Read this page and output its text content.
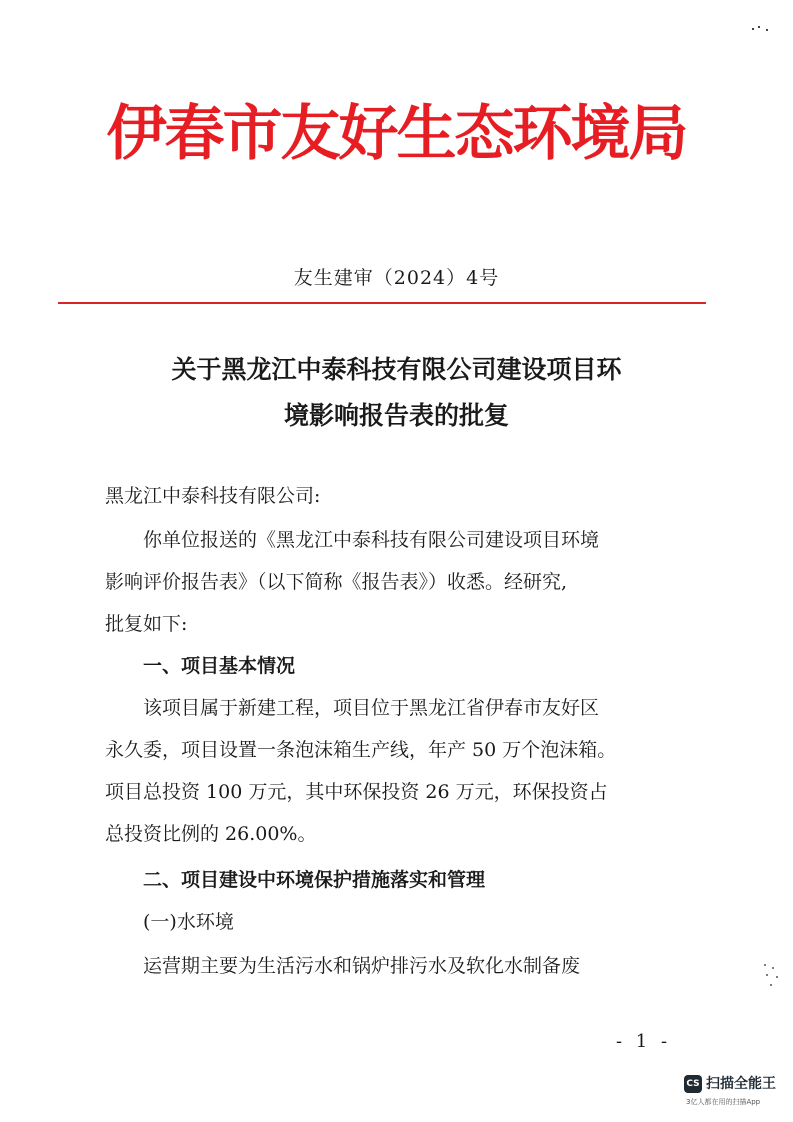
伊春市友好生态环境局
友生建审（2024）4号
关于黑龙江中泰科技有限公司建设项目环
境影响报告表的批复
黑龙江中泰科技有限公司:
你单位报送的《黑龙江中泰科技有限公司建设项目环境
影响评价报告表》（以下简称《报告表》）收悉。经研究,
批复如下:
一、项目基本情况
该项目属于新建工程，项目位于黑龙江省伊春市友好区
永久委，项目设置一条泡沫箱生产线，年产 50 万个泡沫箱。
项目总投资 100 万元，其中环保投资 26 万元，环保投资占
总投资比例的 26.00%。
二、项目建设中环境保护措施落实和管理
(一)水环境
运营期主要为生活污水和锅炉排污水及软化水制备废
- 1 -
CS 扫描全能王
3亿人都在用的扫描App
